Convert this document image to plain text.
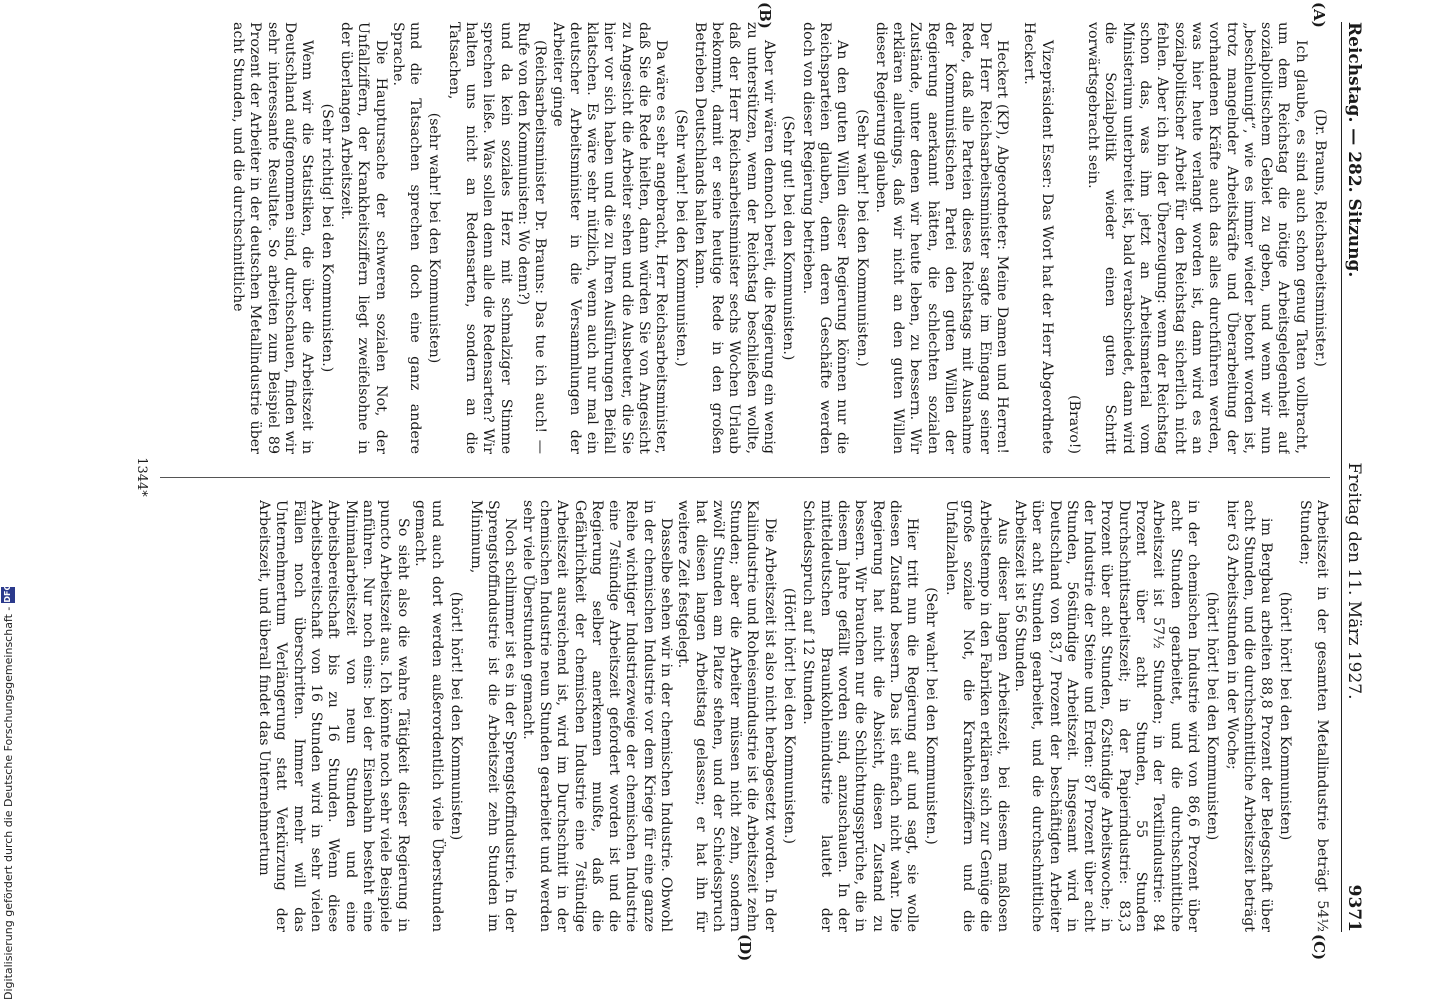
Reichstag. — 282. Sitzung.
Freitag den 11. März 1927.
9371
(A)
(B)
(C)
(D)

(Dr. Brauns, Reichsarbeitsminister.)

Ich glaube, es sind auch schon genug Taten vollbracht, um dem Reichstag die nötige Arbeitsgelegenheit auf sozialpolitischem Gebiet zu geben, und wenn wir nun „beschleunigt“, wie es immer wieder betont worden ist, trotz mangelnder Arbeitskräfte und Überarbeitung der vorhandenen Kräfte auch das alles durchführen werden, was hier heute verlangt worden ist, dann wird es an sozialpolitischer Arbeit für den Reichstag sicherlich nicht fehlen. Aber ich bin der Überzeugung: wenn der Reichstag schon das, was ihm jetzt an Arbeitsmaterial vom Ministerium unterbreitet ist, bald verabschiedet, dann wird die Sozialpolitik wieder einen guten Schritt vorwärtsgebracht sein.

(Bravo!)

Vizepräsident Esser: Das Wort hat der Herr Abgeordnete Heckert.

Heckert (KP), Abgeordneter: Meine Damen und Herren! Der Herr Reichsarbeitsminister sagte im Eingang seiner Rede, daß alle Parteien dieses Reichstags mit Ausnahme der Kommunistischen Partei den guten Willen der Regierung anerkannt hätten, die schlechten sozialen Zustände, unter denen wir heute leben, zu bessern. Wir erklären allerdings, daß wir nicht an den guten Willen dieser Regierung glauben.

(Sehr wahr! bei den Kommunisten.)

An den guten Willen dieser Regierung können nur die Reichsparteien glauben, denn deren Geschäfte werden doch von dieser Regierung betrieben.

(Sehr gut! bei den Kommunisten.)

Aber wir wären dennoch bereit, die Regierung ein wenig zu unterstützen, wenn der Reichstag beschließen wollte, daß der Herr Reichsarbeitsminister sechs Wochen Urlaub bekommt, damit er seine heutige Rede in den großen Betrieben Deutschlands halten kann.

(Sehr wahr! bei den Kommunisten.)

Da wäre es sehr angebracht, Herr Reichsarbeitsminister, daß Sie die Rede hielten, dann würden Sie von Angesicht zu Angesicht die Arbeiter sehen und die Ausbeuter, die Sie hier vor sich haben und die zu Ihren Ausführungen Beifall klatschen. Es wäre sehr nützlich, wenn auch nur mal ein deutscher Arbeitsminister in die Versammlungen der Arbeiter ginge

(Reichsarbeitsminister Dr. Brauns: Das tue ich auch! — Rufe von den Kommunisten: Wo denn?)

und da kein soziales Herz mit schmalziger Stimme sprechen ließe. Was sollen denn alle die Redensarten? Wir halten uns nicht an Redensarten, sondern an die Tatsachen,

(sehr wahr! bei den Kommunisten)

und die Tatsachen sprechen doch eine ganz andere Sprache.

Die Hauptursache der schweren sozialen Not, der Unfallziffern, der Krankheitsziffern liegt zweifelsohne in der überlangen Arbeitszeit.

(Sehr richtig! bei den Kommunisten.)

Wenn wir die Statistiken, die über die Arbeitszeit in Deutschland aufgenommen sind, durchschauen, finden wir sehr interessante Resultate. So arbeiten zum Beispiel 89 Prozent der Arbeiter in der deutschen Metallindustrie über acht Stunden, und die durchschnittliche

Arbeitszeit in der gesamten Metallindustrie beträgt 54½ Stunden;

(hört! hört! bei den Kommunisten)

im Bergbau arbeiten 88,8 Prozent der Belegschaft über acht Stunden, und die durchschnittliche Arbeitszeit beträgt hier 63 Arbeitsstunden in der Woche;

(hört! hört! bei den Kommunisten)

in der chemischen Industrie wird von 86,6 Prozent über acht Stunden gearbeitet, und die durchschnittliche Arbeitszeit ist 57½ Stunden; in der Textilindustrie: 84 Prozent über acht Stunden, 55 Stunden Durchschnittsarbeitszeit; in der Papierindustrie: 83,3 Prozent über acht Stunden, 62stündige Arbeitswoche; in der Industrie der Steine und Erden: 87 Prozent über acht Stunden, 56stündige Arbeitszeit. Insgesamt wird in Deutschland von 83,7 Prozent der beschäftigten Arbeiter über acht Stunden gearbeitet, und die durchschnittliche Arbeitszeit ist 56 Stunden.

Aus dieser langen Arbeitszeit, bei diesem maßlosen Arbeitstempo in den Fabriken erklären sich zur Genüge die große soziale Not, die Krankheitsziffern und die Unfallzahlen.

(Sehr wahr! bei den Kommunisten.)

Hier tritt nun die Regierung auf und sagt, sie wolle diesen Zustand bessern. Das ist einfach nicht wahr. Die Regierung hat nicht die Absicht, diesen Zustand zu bessern. Wir brauchen nur die Schlichtungssprüche, die in diesem Jahre gefällt worden sind, anzuschauen. In der mitteldeutschen Braunkohlenindustrie lautet der Schiedsspruch auf 12 Stunden.

(Hört! hört! bei den Kommunisten.)

Die Arbeitszeit ist also nicht herabgesetzt worden. In der Kaliindustrie und Roheisenindustrie ist die Arbeitszeit zehn Stunden; aber die Arbeiter müssen nicht zehn, sondern zwölf Stunden am Platze stehen, und der Schiedsspruch hat diesen langen Arbeitstag gelassen; er hat ihn für weitere Zeit festgelegt.

Dasselbe sehen wir in der chemischen Industrie. Obwohl in der chemischen Industrie vor dem Kriege für eine ganze Reihe wichtiger Industriezweige der chemischen Industrie eine 7stündige Arbeitszeit gefordert worden ist und die Regierung selber anerkennen mußte, daß die Gefährlichkeit der chemischen Industrie eine 7stündige Arbeitszeit ausreichend ist, wird im Durchschnitt in der chemischen Industrie neun Stunden gearbeitet und werden sehr viele Überstunden gemacht.

Noch schlimmer ist es in der Sprengstoffindustrie. In der Sprengstoffindustrie ist die Arbeitszeit zehn Stunden im Minimum,

(hört! hört! bei den Kommunisten)

und auch dort werden außerordentlich viele Überstunden gemacht.

So sieht also die wahre Tätigkeit dieser Regierung in puncto Arbeitszeit aus. Ich könnte noch sehr viele Beispiele anführen. Nur noch eins: bei der Eisenbahn besteht eine Minimalarbeitszeit von neun Stunden und eine Arbeitsbereitschaft bis zu 16 Stunden. Wenn diese Arbeitsbereitschaft von 16 Stunden wird in sehr vielen Fällen noch überschritten. Immer mehr will das Unternehmertum Verlängerung statt Verkürzung der Arbeitszeit, und überall findet das Unternehmertum

1344*
Digitalisierung gefördert durch die Deutsche Forschungsgemeinschaft -
DFG
